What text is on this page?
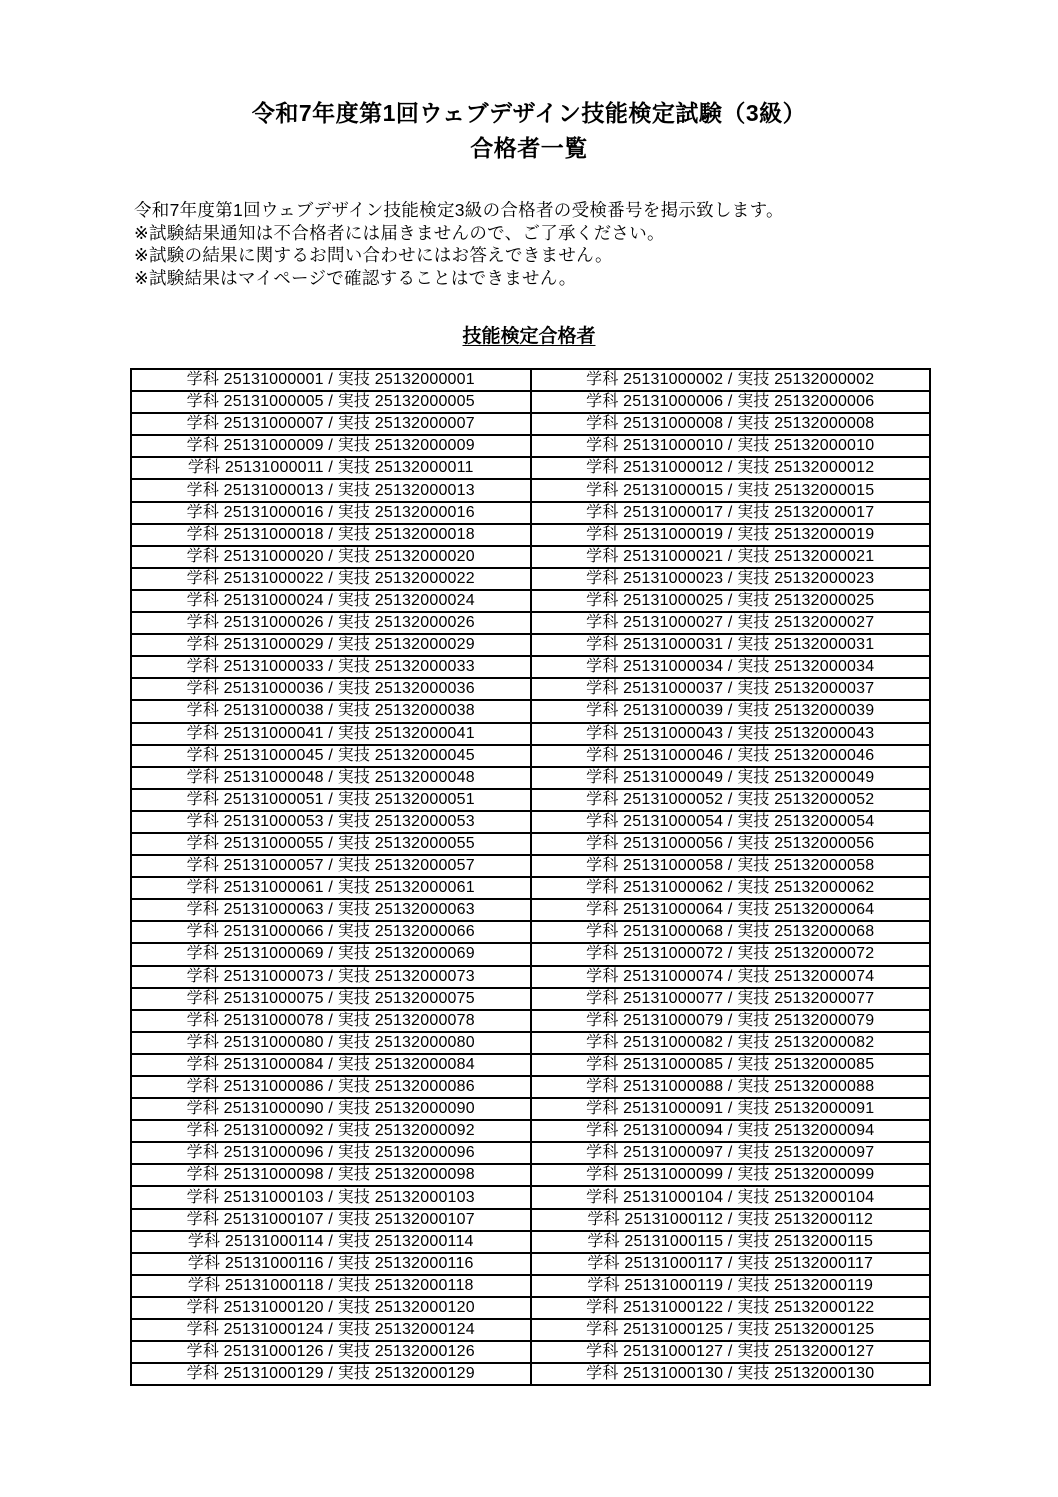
令和7年度第1回ウェブデザイン技能検定試験（3級）
合格者一覧
令和7年度第1回ウェブデザイン技能検定3級の合格者の受検番号を掲示致します。
※試験結果通知は不合格者には届きませんので、ご了承ください。
※試験の結果に関するお問い合わせにはお答えできません。
※試験結果はマイページで確認することはできません。
技能検定合格者
学科 25131000001 / 実技 25132000001	学科 25131000002 / 実技 25132000002
学科 25131000005 / 実技 25132000005	学科 25131000006 / 実技 25132000006
学科 25131000007 / 実技 25132000007	学科 25131000008 / 実技 25132000008
学科 25131000009 / 実技 25132000009	学科 25131000010 / 実技 25132000010
学科 25131000011 / 実技 25132000011	学科 25131000012 / 実技 25132000012
学科 25131000013 / 実技 25132000013	学科 25131000015 / 実技 25132000015
学科 25131000016 / 実技 25132000016	学科 25131000017 / 実技 25132000017
学科 25131000018 / 実技 25132000018	学科 25131000019 / 実技 25132000019
学科 25131000020 / 実技 25132000020	学科 25131000021 / 実技 25132000021
学科 25131000022 / 実技 25132000022	学科 25131000023 / 実技 25132000023
学科 25131000024 / 実技 25132000024	学科 25131000025 / 実技 25132000025
学科 25131000026 / 実技 25132000026	学科 25131000027 / 実技 25132000027
学科 25131000029 / 実技 25132000029	学科 25131000031 / 実技 25132000031
学科 25131000033 / 実技 25132000033	学科 25131000034 / 実技 25132000034
学科 25131000036 / 実技 25132000036	学科 25131000037 / 実技 25132000037
学科 25131000038 / 実技 25132000038	学科 25131000039 / 実技 25132000039
学科 25131000041 / 実技 25132000041	学科 25131000043 / 実技 25132000043
学科 25131000045 / 実技 25132000045	学科 25131000046 / 実技 25132000046
学科 25131000048 / 実技 25132000048	学科 25131000049 / 実技 25132000049
学科 25131000051 / 実技 25132000051	学科 25131000052 / 実技 25132000052
学科 25131000053 / 実技 25132000053	学科 25131000054 / 実技 25132000054
学科 25131000055 / 実技 25132000055	学科 25131000056 / 実技 25132000056
学科 25131000057 / 実技 25132000057	学科 25131000058 / 実技 25132000058
学科 25131000061 / 実技 25132000061	学科 25131000062 / 実技 25132000062
学科 25131000063 / 実技 25132000063	学科 25131000064 / 実技 25132000064
学科 25131000066 / 実技 25132000066	学科 25131000068 / 実技 25132000068
学科 25131000069 / 実技 25132000069	学科 25131000072 / 実技 25132000072
学科 25131000073 / 実技 25132000073	学科 25131000074 / 実技 25132000074
学科 25131000075 / 実技 25132000075	学科 25131000077 / 実技 25132000077
学科 25131000078 / 実技 25132000078	学科 25131000079 / 実技 25132000079
学科 25131000080 / 実技 25132000080	学科 25131000082 / 実技 25132000082
学科 25131000084 / 実技 25132000084	学科 25131000085 / 実技 25132000085
学科 25131000086 / 実技 25132000086	学科 25131000088 / 実技 25132000088
学科 25131000090 / 実技 25132000090	学科 25131000091 / 実技 25132000091
学科 25131000092 / 実技 25132000092	学科 25131000094 / 実技 25132000094
学科 25131000096 / 実技 25132000096	学科 25131000097 / 実技 25132000097
学科 25131000098 / 実技 25132000098	学科 25131000099 / 実技 25132000099
学科 25131000103 / 実技 25132000103	学科 25131000104 / 実技 25132000104
学科 25131000107 / 実技 25132000107	学科 25131000112 / 実技 25132000112
学科 25131000114 / 実技 25132000114	学科 25131000115 / 実技 25132000115
学科 25131000116 / 実技 25132000116	学科 25131000117 / 実技 25132000117
学科 25131000118 / 実技 25132000118	学科 25131000119 / 実技 25132000119
学科 25131000120 / 実技 25132000120	学科 25131000122 / 実技 25132000122
学科 25131000124 / 実技 25132000124	学科 25131000125 / 実技 25132000125
学科 25131000126 / 実技 25132000126	学科 25131000127 / 実技 25132000127
学科 25131000129 / 実技 25132000129	学科 25131000130 / 実技 25132000130
